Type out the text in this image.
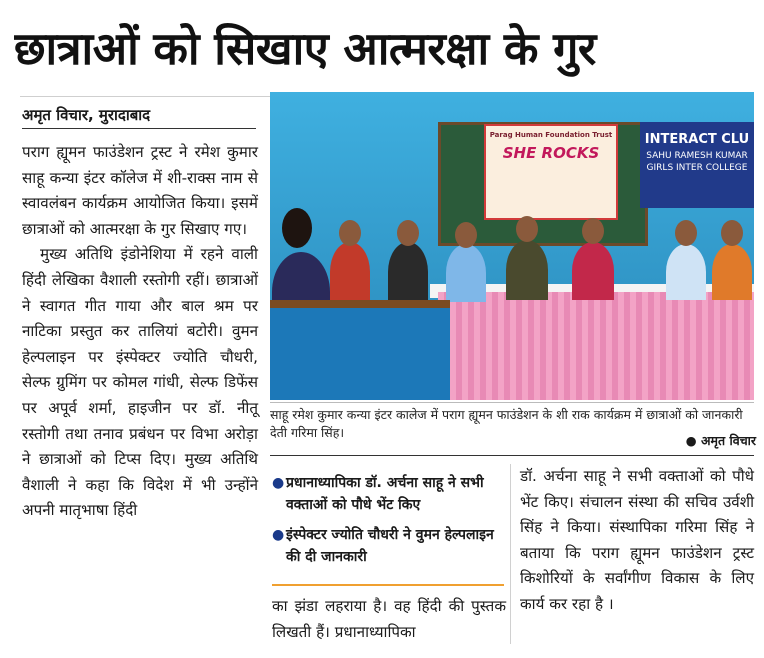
छात्राओं को सिखाए आत्मरक्षा के गुर
अमृत विचार, मुरादाबाद

पराग ह्यूमन फाउंडेशन ट्रस्ट ने रमेश कुमार साहू कन्या इंटर कॉलेज में शी-राक्स नाम से स्वावलंबन कार्यक्रम आयोजित किया। इसमें छात्राओं को आत्मरक्षा के गुर सिखाए गए।

मुख्य अतिथि इंडोनेशिया में रहने वाली हिंदी लेखिका वैशाली रस्तोगी रहीं। छात्राओं ने स्वागत गीत गाया और बाल श्रम पर नाटिका प्रस्तुत कर तालियां बटोरी। वुमन हेल्पलाइन पर इंस्पेक्टर ज्योति चौधरी, सेल्फ ग्रुमिंग पर कोमल गांधी, सेल्फ डिफेंस पर अपूर्व शर्मा, हाइजीन पर डॉ. नीतू रस्तोगी तथा तनाव प्रबंधन पर विभा अरोड़ा ने छात्राओं को टिप्स दिए। मुख्य अतिथि वैशाली ने कहा कि विदेश में भी उन्होंने अपनी मातृभाषा हिंदी

Parag Human Foundation Trust
SHE ROCKS
INTERACT CLU
SAHU RAMESH KUMAR GIRLS INTER COLLEGE
साहू रमेश कुमार कन्या इंटर कालेज में पराग ह्यूमन फाउंडेशन के शी राक कार्यक्रम में छात्राओं को जानकारी देती गरिमा सिंह।
● अमृत विचार
● प्रधानाध्यापिका डॉ. अर्चना साहू ने सभी वक्ताओं को पौधे भेंट किए
● इंस्पेक्टर ज्योति चौधरी ने वुमन हेल्पलाइन की दी जानकारी
का झंडा लहराया है। वह हिंदी की पुस्तक लिखती हैं। प्रधानाध्यापिका
डॉ. अर्चना साहू ने सभी वक्ताओं को पौधे भेंट किए। संचालन संस्था की सचिव उर्वशी सिंह ने किया। संस्थापिका गरिमा सिंह ने बताया कि पराग ह्यूमन फाउंडेशन ट्रस्ट किशोरियों के सर्वांगीण विकास के लिए कार्य कर रहा है ।
